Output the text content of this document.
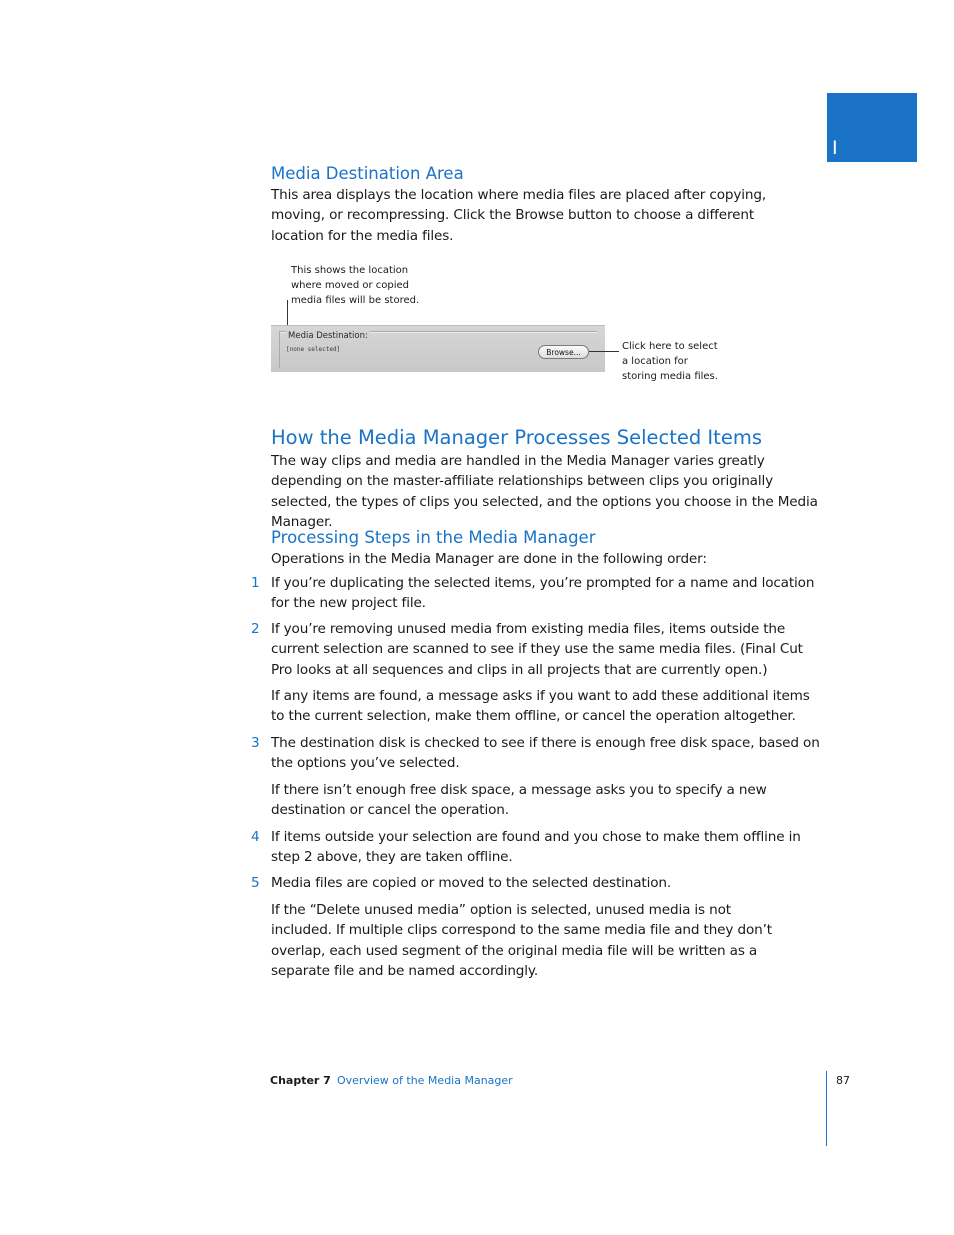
I
Media Destination Area
This area displays the location where media files are placed after copying, moving, or recompressing. Click the Browse button to choose a different location for the media files.
This shows the location
where moved or copied
media files will be stored.
Media Destination:
[none selected]	Browse...
Click here to select
a location for
storing media files.
How the Media Manager Processes Selected Items
The way clips and media are handled in the Media Manager varies greatly depending on the master-affiliate relationships between clips you originally selected, the types of clips you selected, and the options you choose in the Media Manager.
Processing Steps in the Media Manager
Operations in the Media Manager are done in the following order:
1 If you’re duplicating the selected items, you’re prompted for a name and location for the new project file.
2 If you’re removing unused media from existing media files, items outside the current selection are scanned to see if they use the same media files. (Final Cut Pro looks at all sequences and clips in all projects that are currently open.)
If any items are found, a message asks if you want to add these additional items to the current selection, make them offline, or cancel the operation altogether.
3 The destination disk is checked to see if there is enough free disk space, based on the options you’ve selected.
If there isn’t enough free disk space, a message asks you to specify a new destination or cancel the operation.
4 If items outside your selection are found and you chose to make them offline in step 2 above, they are taken offline.
5 Media files are copied or moved to the selected destination.
If the “Delete unused media” option is selected, unused media is not included. If multiple clips correspond to the same media file and they don’t overlap, each used segment of the original media file will be written as a separate file and be named accordingly.
Chapter 7 Overview of the Media Manager	87
